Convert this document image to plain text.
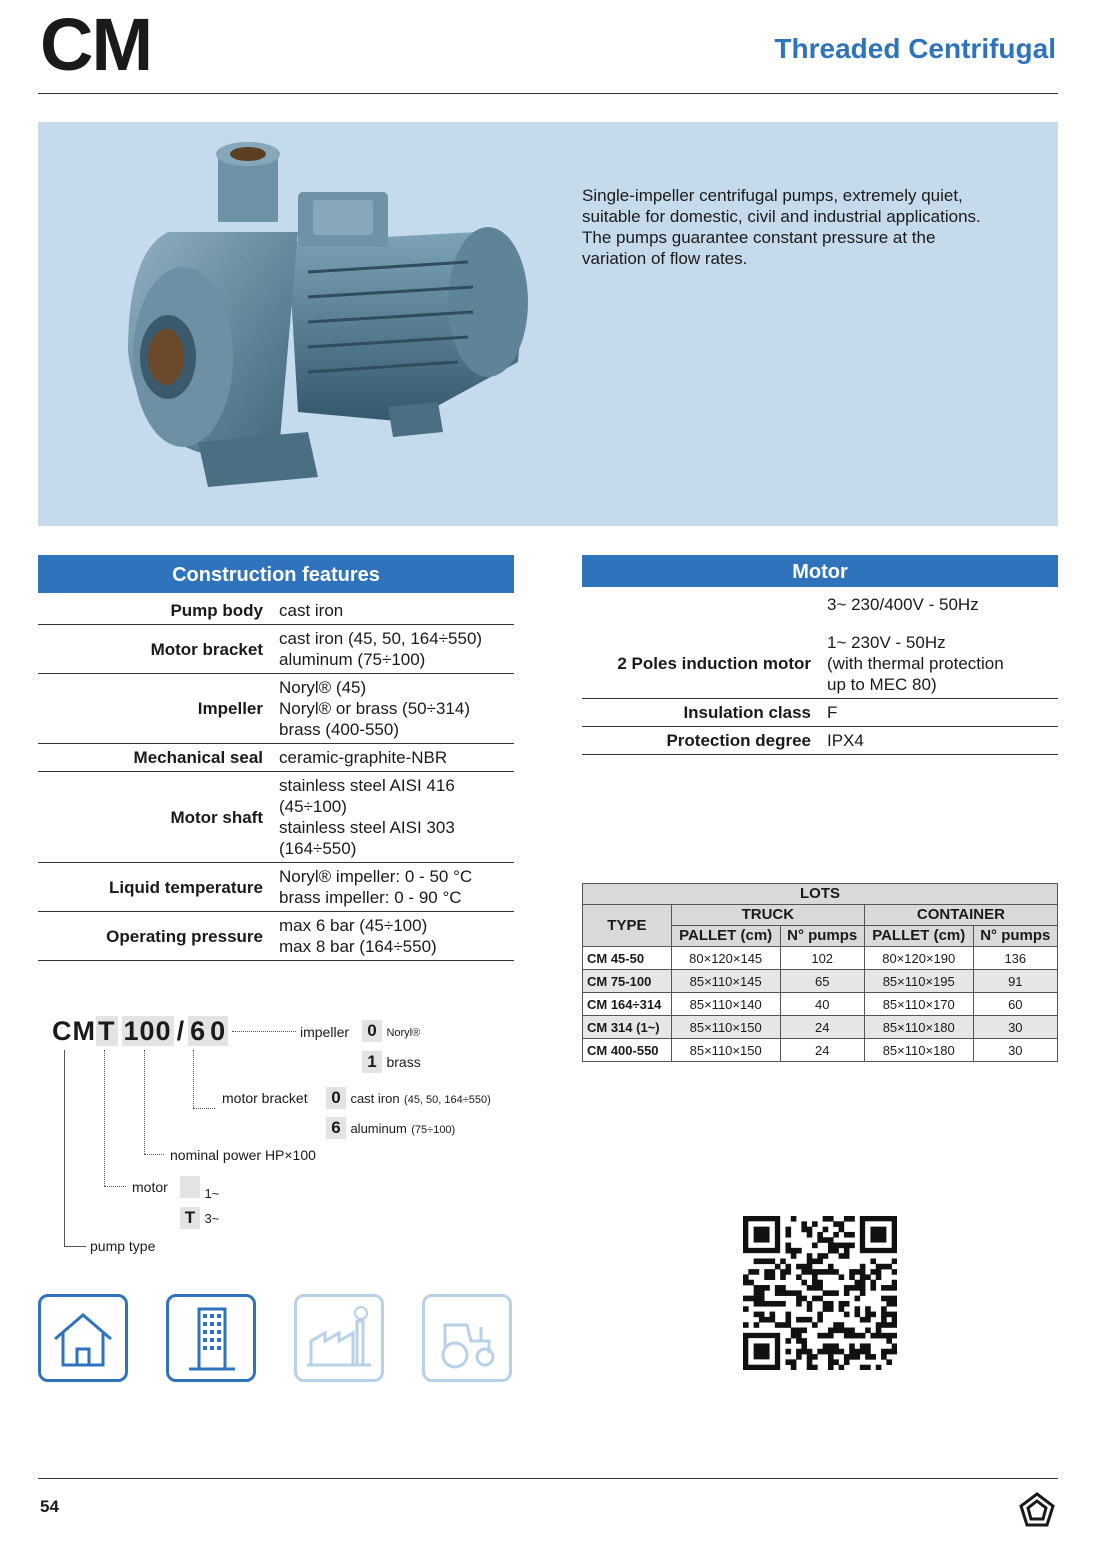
CM	Threaded Centrifugal
Single-impeller centrifugal pumps, extremely quiet, suitable for domestic, civil and industrial applications.
The pumps guarantee constant pressure at the variation of flow rates.
Construction features
Pump body	cast iron
Motor bracket	cast iron (45, 50, 164÷550)
aluminum (75÷100)
Impeller	Noryl® (45)
Noryl® or brass (50÷314)
brass (400-550)
Mechanical seal	ceramic-graphite-NBR
Motor shaft	stainless steel AISI 416
(45÷100)
stainless steel AISI 303
(164÷550)
Liquid temperature	Noryl® impeller: 0 - 50 °C
brass impeller: 0 - 90 °C
Operating pressure	max 6 bar (45÷100)
max 8 bar (164÷550)
Motor
	3~ 230/400V - 50Hz
2 Poles induction motor	1~ 230V - 50Hz
(with thermal protection
up to MEC 80)
Insulation class	F
Protection degree	IPX4
LOTS				
TYPE	TRUCK		CONTAINER	
	PALLET (cm)	N° pumps	PALLET (cm)	N° pumps
CM 45-50	80×120×145	102	80×120×190	136
CM 75-100	85×110×145	65	85×110×195	91
CM 164÷314	85×110×140	40	85×110×170	60
CM 314 (1~)	85×110×150	24	85×110×180	30
CM 400-550	85×110×150	24	85×110×180	30
CMT 100 / 6 0	impeller	0 Noryl®
1 brass
motor bracket	0 cast iron (45, 50, 164÷550)
6 aluminum (75÷100)
nominal power HP×100
motor	1~
T 3~
pump type
54
